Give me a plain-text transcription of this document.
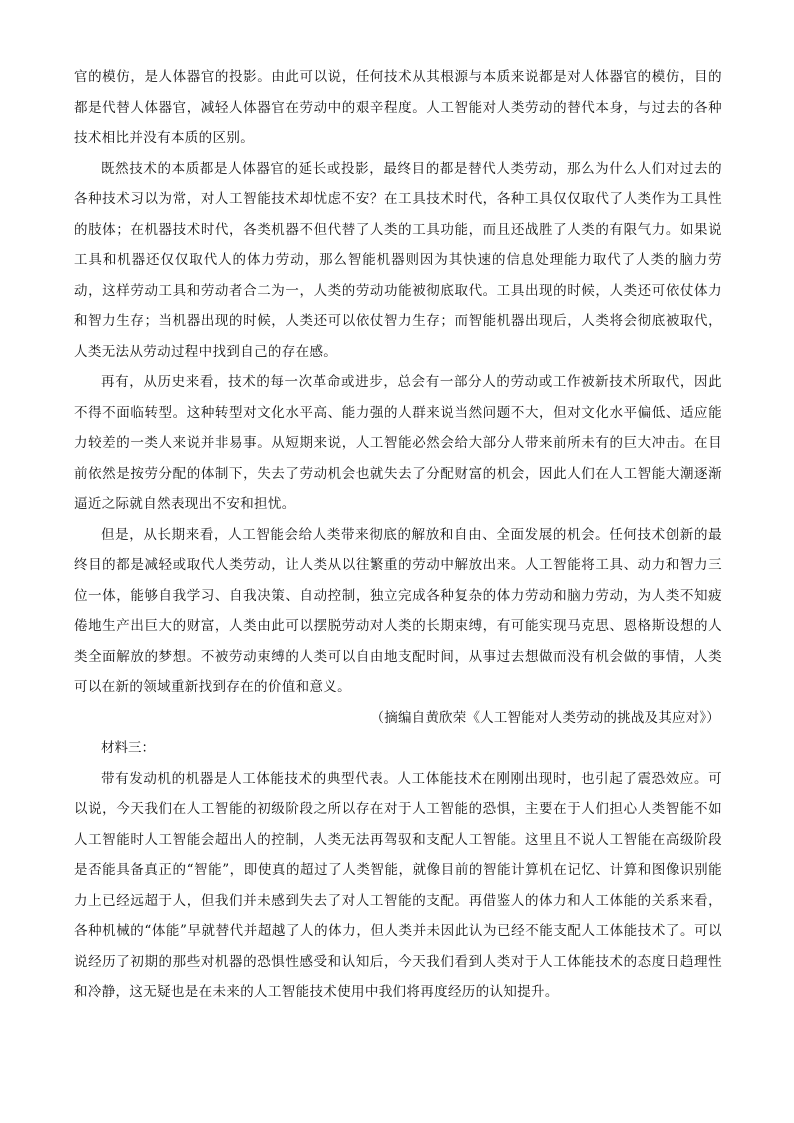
官的模仿，是人体器官的投影。由此可以说，任何技术从其根源与本质来说都是对人体器官的模仿，目的都是代替人体器官，减轻人体器官在劳动中的艰辛程度。人工智能对人类劳动的替代本身，与过去的各种技术相比并没有本质的区别。

既然技术的本质都是人体器官的延长或投影，最终目的都是替代人类劳动，那么为什么人们对过去的各种技术习以为常，对人工智能技术却忧虑不安？在工具技术时代，各种工具仅仅取代了人类作为工具性的肢体；在机器技术时代，各类机器不但代替了人类的工具功能，而且还战胜了人类的有限气力。如果说工具和机器还仅仅取代人的体力劳动，那么智能机器则因为其快速的信息处理能力取代了人类的脑力劳动，这样劳动工具和劳动者合二为一，人类的劳动功能被彻底取代。工具出现的时候，人类还可依仗体力和智力生存；当机器出现的时候，人类还可以依仗智力生存；而智能机器出现后，人类将会彻底被取代，人类无法从劳动过程中找到自己的存在感。

再有，从历史来看，技术的每一次革命或进步，总会有一部分人的劳动或工作被新技术所取代，因此不得不面临转型。这种转型对文化水平高、能力强的人群来说当然问题不大，但对文化水平偏低、适应能力较差的一类人来说并非易事。从短期来说，人工智能必然会给大部分人带来前所未有的巨大冲击。在目前依然是按劳分配的体制下，失去了劳动机会也就失去了分配财富的机会，因此人们在人工智能大潮逐渐逼近之际就自然表现出不安和担忧。

但是，从长期来看，人工智能会给人类带来彻底的解放和自由、全面发展的机会。任何技术创新的最终目的都是减轻或取代人类劳动，让人类从以往繁重的劳动中解放出来。人工智能将工具、动力和智力三位一体，能够自我学习、自我决策、自动控制，独立完成各种复杂的体力劳动和脑力劳动，为人类不知疲倦地生产出巨大的财富，人类由此可以摆脱劳动对人类的长期束缚，有可能实现马克思、恩格斯设想的人类全面解放的梦想。不被劳动束缚的人类可以自由地支配时间，从事过去想做而没有机会做的事情，人类可以在新的领域重新找到存在的价值和意义。

（摘编自黄欣荣《人工智能对人类劳动的挑战及其应对》）

材料三：

带有发动机的机器是人工体能技术的典型代表。人工体能技术在刚刚出现时，也引起了震恐效应。可以说，今天我们在人工智能的初级阶段之所以存在对于人工智能的恐惧，主要在于人们担心人类智能不如人工智能时人工智能会超出人的控制，人类无法再驾驭和支配人工智能。这里且不说人工智能在高级阶段是否能具备真正的“智能”，即使真的超过了人类智能，就像目前的智能计算机在记忆、计算和图像识别能力上已经远超于人，但我们并未感到失去了对人工智能的支配。再借鉴人的体力和人工体能的关系来看，各种机械的“体能”早就替代并超越了人的体力，但人类并未因此认为已经不能支配人工体能技术了。可以说经历了初期的那些对机器的恐惧性感受和认知后，今天我们看到人类对于人工体能技术的态度日趋理性和冷静，这无疑也是在未来的人工智能技术使用中我们将再度经历的认知提升。
